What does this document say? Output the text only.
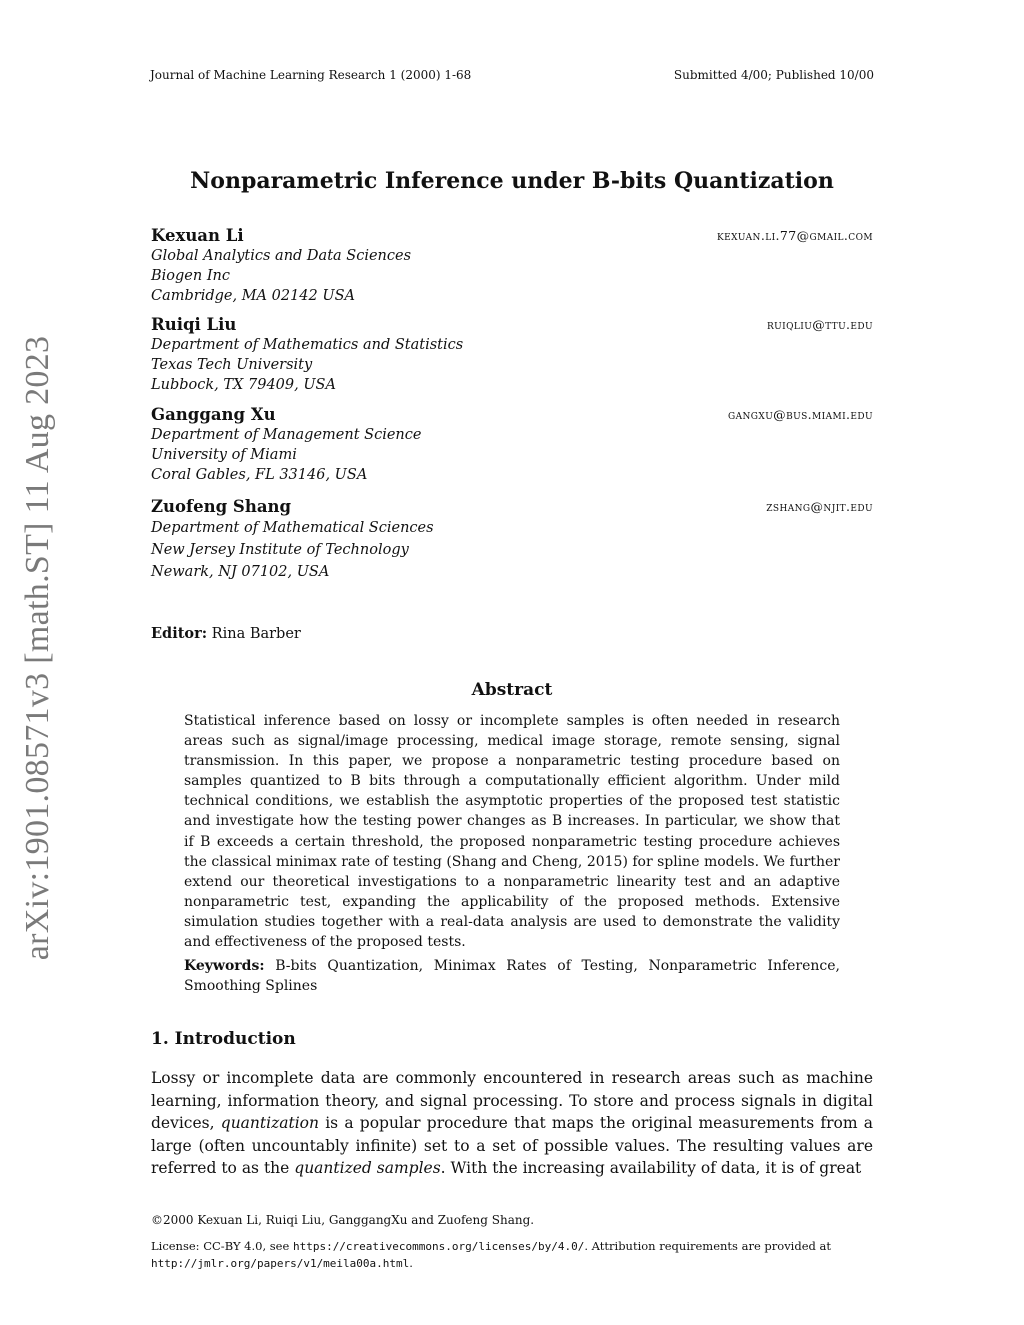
Journal of Machine Learning Research 1 (2000) 1-68	Submitted 4/00; Published 10/00
Nonparametric Inference under B-bits Quantization
Kexuan Li	kexuan.li.77@gmail.com
Global Analytics and Data Sciences
Biogen Inc
Cambridge, MA 02142 USA
Ruiqi Liu	ruiqliu@ttu.edu
Department of Mathematics and Statistics
Texas Tech University
Lubbock, TX 79409, USA
Ganggang Xu	gangxu@bus.miami.edu
Department of Management Science
University of Miami
Coral Gables, FL 33146, USA
Zuofeng Shang	zshang@njit.edu
Department of Mathematical Sciences
New Jersey Institute of Technology
Newark, NJ 07102, USA
Editor: Rina Barber
Abstract
Statistical inference based on lossy or incomplete samples is often needed in research areas such as signal/image processing, medical image storage, remote sensing, signal transmission. In this paper, we propose a nonparametric testing procedure based on samples quantized to B bits through a computationally efficient algorithm. Under mild technical conditions, we establish the asymptotic properties of the proposed test statistic and investigate how the testing power changes as B increases. In particular, we show that if B exceeds a certain threshold, the proposed nonparametric testing procedure achieves the classical minimax rate of testing (Shang and Cheng, 2015) for spline models. We further extend our theoretical investigations to a nonparametric linearity test and an adaptive nonparametric test, expanding the applicability of the proposed methods. Extensive simulation studies together with a real-data analysis are used to demonstrate the validity and effectiveness of the proposed tests.
Keywords: B-bits Quantization, Minimax Rates of Testing, Nonparametric Inference, Smoothing Splines
1. Introduction
Lossy or incomplete data are commonly encountered in research areas such as machine learning, information theory, and signal processing. To store and process signals in digital devices, quantization is a popular procedure that maps the original measurements from a large (often uncountably infinite) set to a set of possible values. The resulting values are referred to as the quantized samples. With the increasing availability of data, it is of great
©2000 Kexuan Li, Ruiqi Liu, GanggangXu and Zuofeng Shang.
License: CC-BY 4.0, see https://creativecommons.org/licenses/by/4.0/. Attribution requirements are provided at http://jmlr.org/papers/v1/meila00a.html.
arXiv:1901.08571v3 [math.ST] 11 Aug 2023
